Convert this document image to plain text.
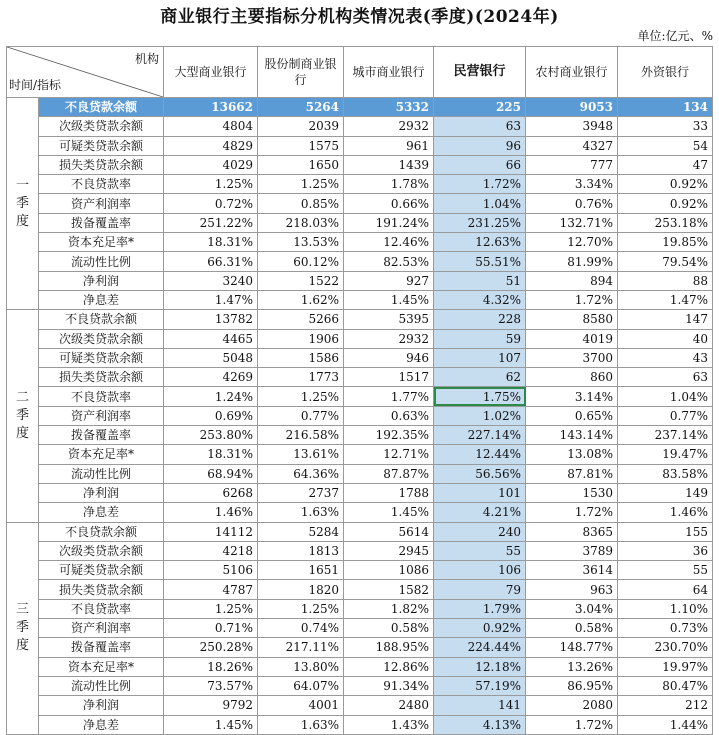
商业银行主要指标分机构类情况表(季度)(2024年)
单位:亿元、%
机构
时间/指标		大型商业银行	股份制商业银行	城市商业银行	民营银行	农村商业银行	外资银行
一
季
度	不良贷款余额	13662	5264	5332	225	9053	134
	次级类贷款余额	4804	2039	2932	63	3948	33
	可疑类贷款余额	4829	1575	961	96	4327	54
	损失类贷款余额	4029	1650	1439	66	777	47
	不良贷款率	1.25%	1.25%	1.78%	1.72%	3.34%	0.92%
	资产利润率	0.72%	0.85%	0.66%	1.04%	0.76%	0.92%
	拨备覆盖率	251.22%	218.03%	191.24%	231.25%	132.71%	253.18%
	资本充足率*	18.31%	13.53%	12.46%	12.63%	12.70%	19.85%
	流动性比例	66.31%	60.12%	82.53%	55.51%	81.99%	79.54%
	净利润	3240	1522	927	51	894	88
	净息差	1.47%	1.62%	1.45%	4.32%	1.72%	1.47%
二
季
度	不良贷款余额	13782	5266	5395	228	8580	147
	次级类贷款余额	4465	1906	2932	59	4019	40
	可疑类贷款余额	5048	1586	946	107	3700	43
	损失类贷款余额	4269	1773	1517	62	860	63
	不良贷款率	1.24%	1.25%	1.77%	1.75%	3.14%	1.04%
	资产利润率	0.69%	0.77%	0.63%	1.02%	0.65%	0.77%
	拨备覆盖率	253.80%	216.58%	192.35%	227.14%	143.14%	237.14%
	资本充足率*	18.31%	13.61%	12.71%	12.44%	13.08%	19.47%
	流动性比例	68.94%	64.36%	87.87%	56.56%	87.81%	83.58%
	净利润	6268	2737	1788	101	1530	149
	净息差	1.46%	1.63%	1.45%	4.21%	1.72%	1.46%
三
季
度	不良贷款余额	14112	5284	5614	240	8365	155
	次级类贷款余额	4218	1813	2945	55	3789	36
	可疑类贷款余额	5106	1651	1086	106	3614	55
	损失类贷款余额	4787	1820	1582	79	963	64
	不良贷款率	1.25%	1.25%	1.82%	1.79%	3.04%	1.10%
	资产利润率	0.71%	0.74%	0.58%	0.92%	0.58%	0.73%
	拨备覆盖率	250.28%	217.11%	188.95%	224.44%	148.77%	230.70%
	资本充足率*	18.26%	13.80%	12.86%	12.18%	13.26%	19.97%
	流动性比例	73.57%	64.07%	91.34%	57.19%	86.95%	80.47%
	净利润	9792	4001	2480	141	2080	212
	净息差	1.45%	1.63%	1.43%	4.13%	1.72%	1.44%
